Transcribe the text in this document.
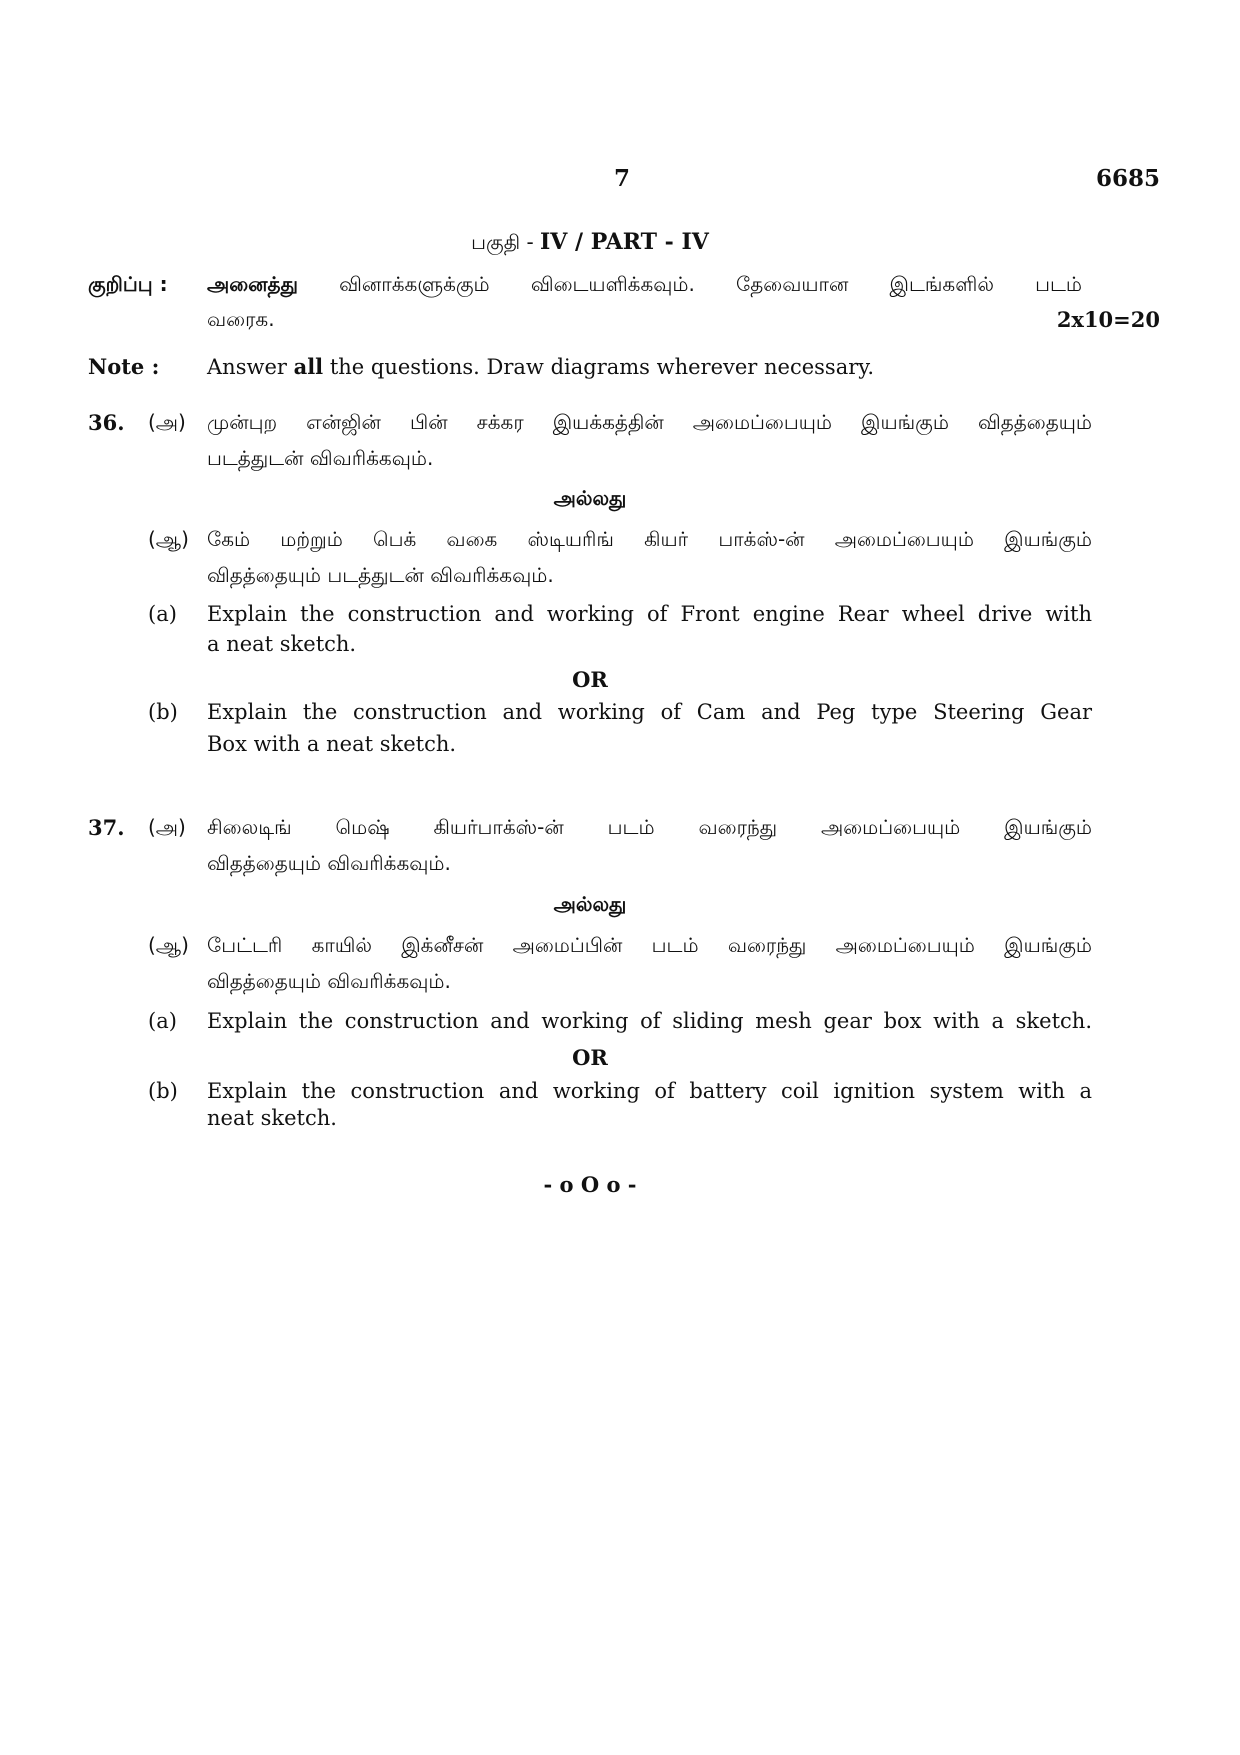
7	6685
பகுதி - IV / PART - IV
குறிப்பு : அனைத்து வினாக்களுக்கும் விடையளிக்கவும். தேவையான இடங்களில் படம்
வரைக.	2x10=20
Note : Answer all the questions. Draw diagrams wherever necessary.
36. (அ) முன்புற என்ஜின் பின் சக்கர இயக்கத்தின் அமைப்பையும் இயங்கும் விதத்தையும்
படத்துடன் விவரிக்கவும்.
அல்லது
(ஆ) கேம் மற்றும் பெக் வகை ஸ்டியரிங் கியர் பாக்ஸ்-ன் அமைப்பையும் இயங்கும்
விதத்தையும் படத்துடன் விவரிக்கவும்.
(a) Explain the construction and working of Front engine Rear wheel drive with
a neat sketch.
OR
(b) Explain the construction and working of Cam and Peg type Steering Gear
Box with a neat sketch.
37. (அ) சிலைடிங் மெஷ் கியர்பாக்ஸ்-ன் படம் வரைந்து அமைப்பையும் இயங்கும்
விதத்தையும் விவரிக்கவும்.
அல்லது
(ஆ) பேட்டரி காயில் இக்னீசன் அமைப்பின் படம் வரைந்து அமைப்பையும் இயங்கும்
விதத்தையும் விவரிக்கவும்.
(a) Explain the construction and working of sliding mesh gear box with a sketch.
OR
(b) Explain the construction and working of battery coil ignition system with a
neat sketch.
- o O o -
